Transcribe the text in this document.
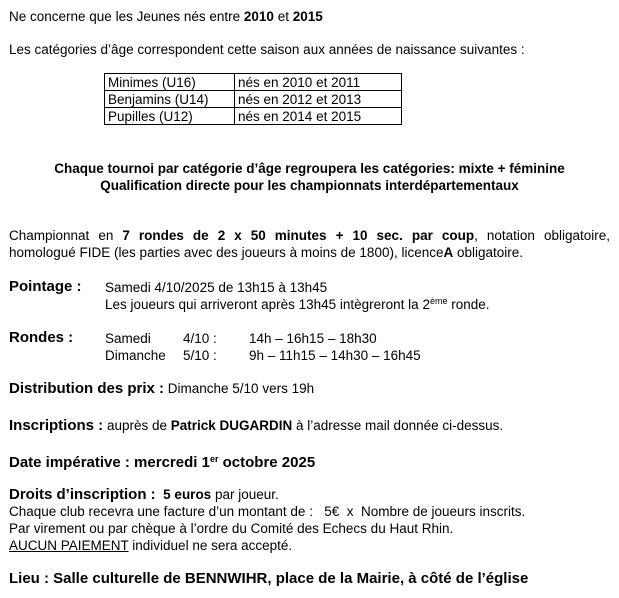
Ne concerne que les Jeunes nés entre 2010 et 2015
Les catégories d’âge correspondent cette saison aux années de naissance suivantes :
Minimes (U16)	nés en 2010 et 2011
Benjamins (U14)	nés en 2012 et 2013
Pupilles (U12)	nés en 2014 et 2015
Chaque tournoi par catégorie d’âge regroupera les catégories: mixte + féminine
Qualification directe pour les championnats interdépartementaux
Championnat en 7 rondes de 2 x 50 minutes + 10 sec. par coup, notation obligatoire,
homologué FIDE (les parties avec des joueurs à moins de 1800), licenceA obligatoire.
Pointage : Samedi 4/10/2025 de 13h15 à 13h45
Les joueurs qui arriveront après 13h45 intègreront la 2ème ronde.
Rondes : Samedi 4/10 : 14h – 16h15 – 18h30
Dimanche 5/10 : 9h – 11h15 – 14h30 – 16h45
Distribution des prix : Dimanche 5/10 vers 19h
Inscriptions : auprès de Patrick DUGARDIN à l’adresse mail donnée ci-dessus.
Date impérative : mercredi 1er octobre 2025
Droits d’inscription :  5 euros par joueur.
Chaque club recevra une facture d’un montant de :   5€  x  Nombre de joueurs inscrits.
Par virement ou par chèque à l’ordre du Comité des Echecs du Haut Rhin.
AUCUN PAIEMENT individuel ne sera accepté.
Lieu : Salle culturelle de BENNWIHR, place de la Mairie, à côté de l’église
